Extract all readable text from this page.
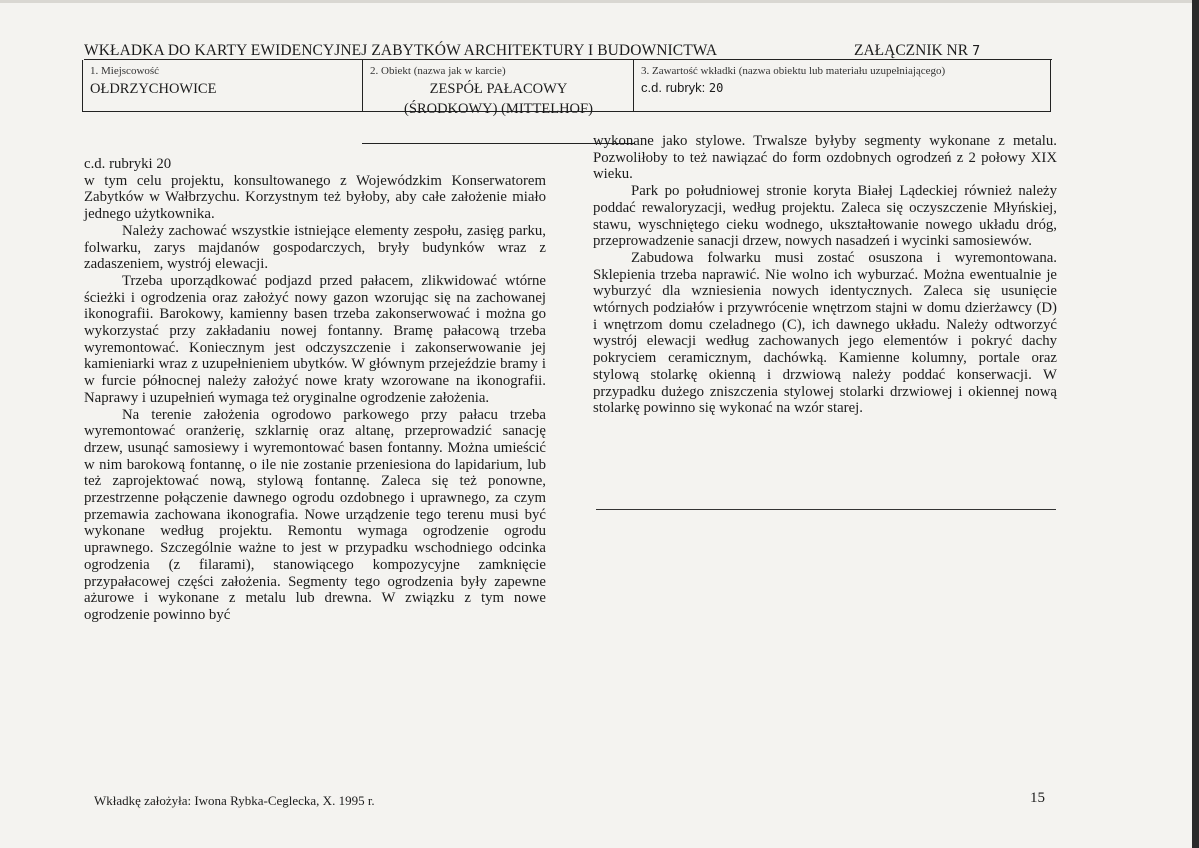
WKŁADKA DO KARTY EWIDENCYJNEJ ZABYTKÓW ARCHITEKTURY I BUDOWNICTWA	ZAŁĄCZNIK NR 7
1. Miejscowość
OŁDRZYCHOWICE
2. Obiekt (nazwa jak w karcie)
ZESPÓŁ PAŁACOWY
(ŚRODKOWY) (MITTELHOF)
3. Zawartość wkładki (nazwa obiektu lub materiału uzupełniającego)
c.d. rubryk: 20

c.d. rubryki 20

w tym celu projektu, konsultowanego z Wojewódzkim Konserwatorem Zabytków w Wałbrzychu. Korzystnym też byłoby, aby całe założenie miało jednego użytkownika.

Należy zachować wszystkie istniejące elementy zespołu, zasięg parku, folwarku, zarys majdanów gospodarczych, bryły budynków wraz z zadaszeniem, wystrój elewacji.

Trzeba uporządkować podjazd przed pałacem, zlikwidować wtórne ścieżki i ogrodzenia oraz założyć nowy gazon wzorując się na zachowanej ikonografii. Barokowy, kamienny basen trzeba zakonserwować i można go wykorzystać przy zakładaniu nowej fontanny. Bramę pałacową trzeba wyremontować. Koniecznym jest odczyszczenie i zakonserwowanie jej kamieniarki wraz z uzupełnieniem ubytków. W głównym przejeździe bramy i w furcie północnej należy założyć nowe kraty wzorowane na ikonografii. Naprawy i uzupełnień wymaga też oryginalne ogrodzenie założenia.

Na terenie założenia ogrodowo parkowego przy pałacu trzeba wyremontować oranżerię, szklarnię oraz altanę, przeprowadzić sanację drzew, usunąć samosiewy i wyremontować basen fontanny. Można umieścić w nim barokową fontannę, o ile nie zostanie przeniesiona do lapidarium, lub też zaprojektować nową, stylową fontannę. Zaleca się też ponowne, przestrzenne połączenie dawnego ogrodu ozdobnego i uprawnego, za czym przemawia zachowana ikonografia. Nowe urządzenie tego terenu musi być wykonane według projektu. Remontu wymaga ogrodzenie ogrodu uprawnego. Szczególnie ważne to jest w przypadku wschodniego odcinka ogrodzenia (z filarami), stanowiącego kompozycyjne zamknięcie przypałacowej części założenia. Segmenty tego ogrodzenia były zapewne ażurowe i wykonane z metalu lub drewna. W związku z tym nowe ogrodzenie powinno być

wykonane jako stylowe. Trwalsze byłyby segmenty wykonane z metalu. Pozwoliłoby to też nawiązać do form ozdobnych ogrodzeń z 2 połowy XIX wieku.

Park po południowej stronie koryta Białej Lądeckiej również należy poddać rewaloryzacji, według projektu. Zaleca się oczyszczenie Młyńskiej, stawu, wyschniętego cieku wodnego, ukształtowanie nowego układu dróg, przeprowadzenie sanacji drzew, nowych nasadzeń i wycinki samosiewów.

Zabudowa folwarku musi zostać osuszona i wyremontowana. Sklepienia trzeba naprawić. Nie wolno ich wyburzać. Można ewentualnie je wyburzyć dla wzniesienia nowych identycznych. Zaleca się usunięcie wtórnych podziałów i przywrócenie wnętrzom stajni w domu dzierżawcy (D) i wnętrzom domu czeladnego (C), ich dawnego układu. Należy odtworzyć wystrój elewacji według zachowanych jego elementów i pokryć dachy pokryciem ceramicznym, dachówką. Kamienne kolumny, portale oraz stylową stolarkę okienną i drzwiową należy poddać konserwacji. W przypadku dużego zniszczenia stylowej stolarki drzwiowej i okiennej nową stolarkę powinno się wykonać na wzór starej.

Wkładkę założyła: Iwona Rybka-Ceglecka, X. 1995 r.	15
